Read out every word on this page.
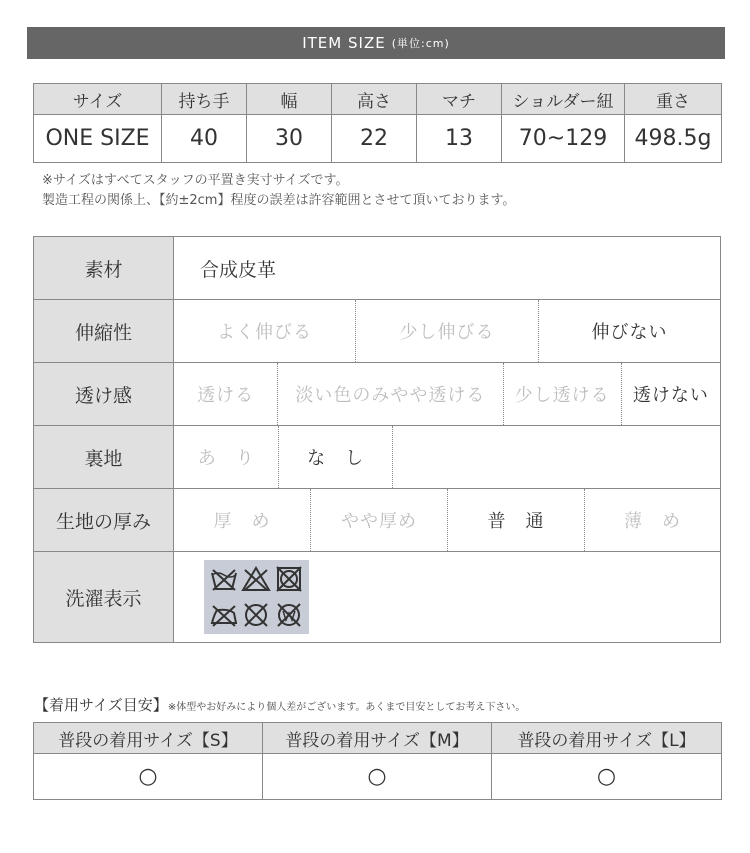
ITEM SIZE (単位:cm)
サイズ	持ち手	幅	高さ	マチ	ショルダー紐	重さ
ONE SIZE	40	30	22	13	70~129	498.5g
※サイズはすべてスタッフの平置き実寸サイズです。
製造工程の関係上、【約±2cm】程度の誤差は許容範囲とさせて頂いております。
素材	合成皮革
伸縮性	よく伸びる 少し伸びる 伸びない

透け感	透ける 淡い色のみやや透ける 少し透ける 透けない

裏地	あ　り な　し

生地の厚み	厚　め やや厚め 普　通 薄　め

洗濯表示	
【着用サイズ目安】※体型やお好みにより個人差がございます。あくまで目安としてお考え下さい。
普段の着用サイズ【S】	普段の着用サイズ【M】	普段の着用サイズ【L】
○	○	○
